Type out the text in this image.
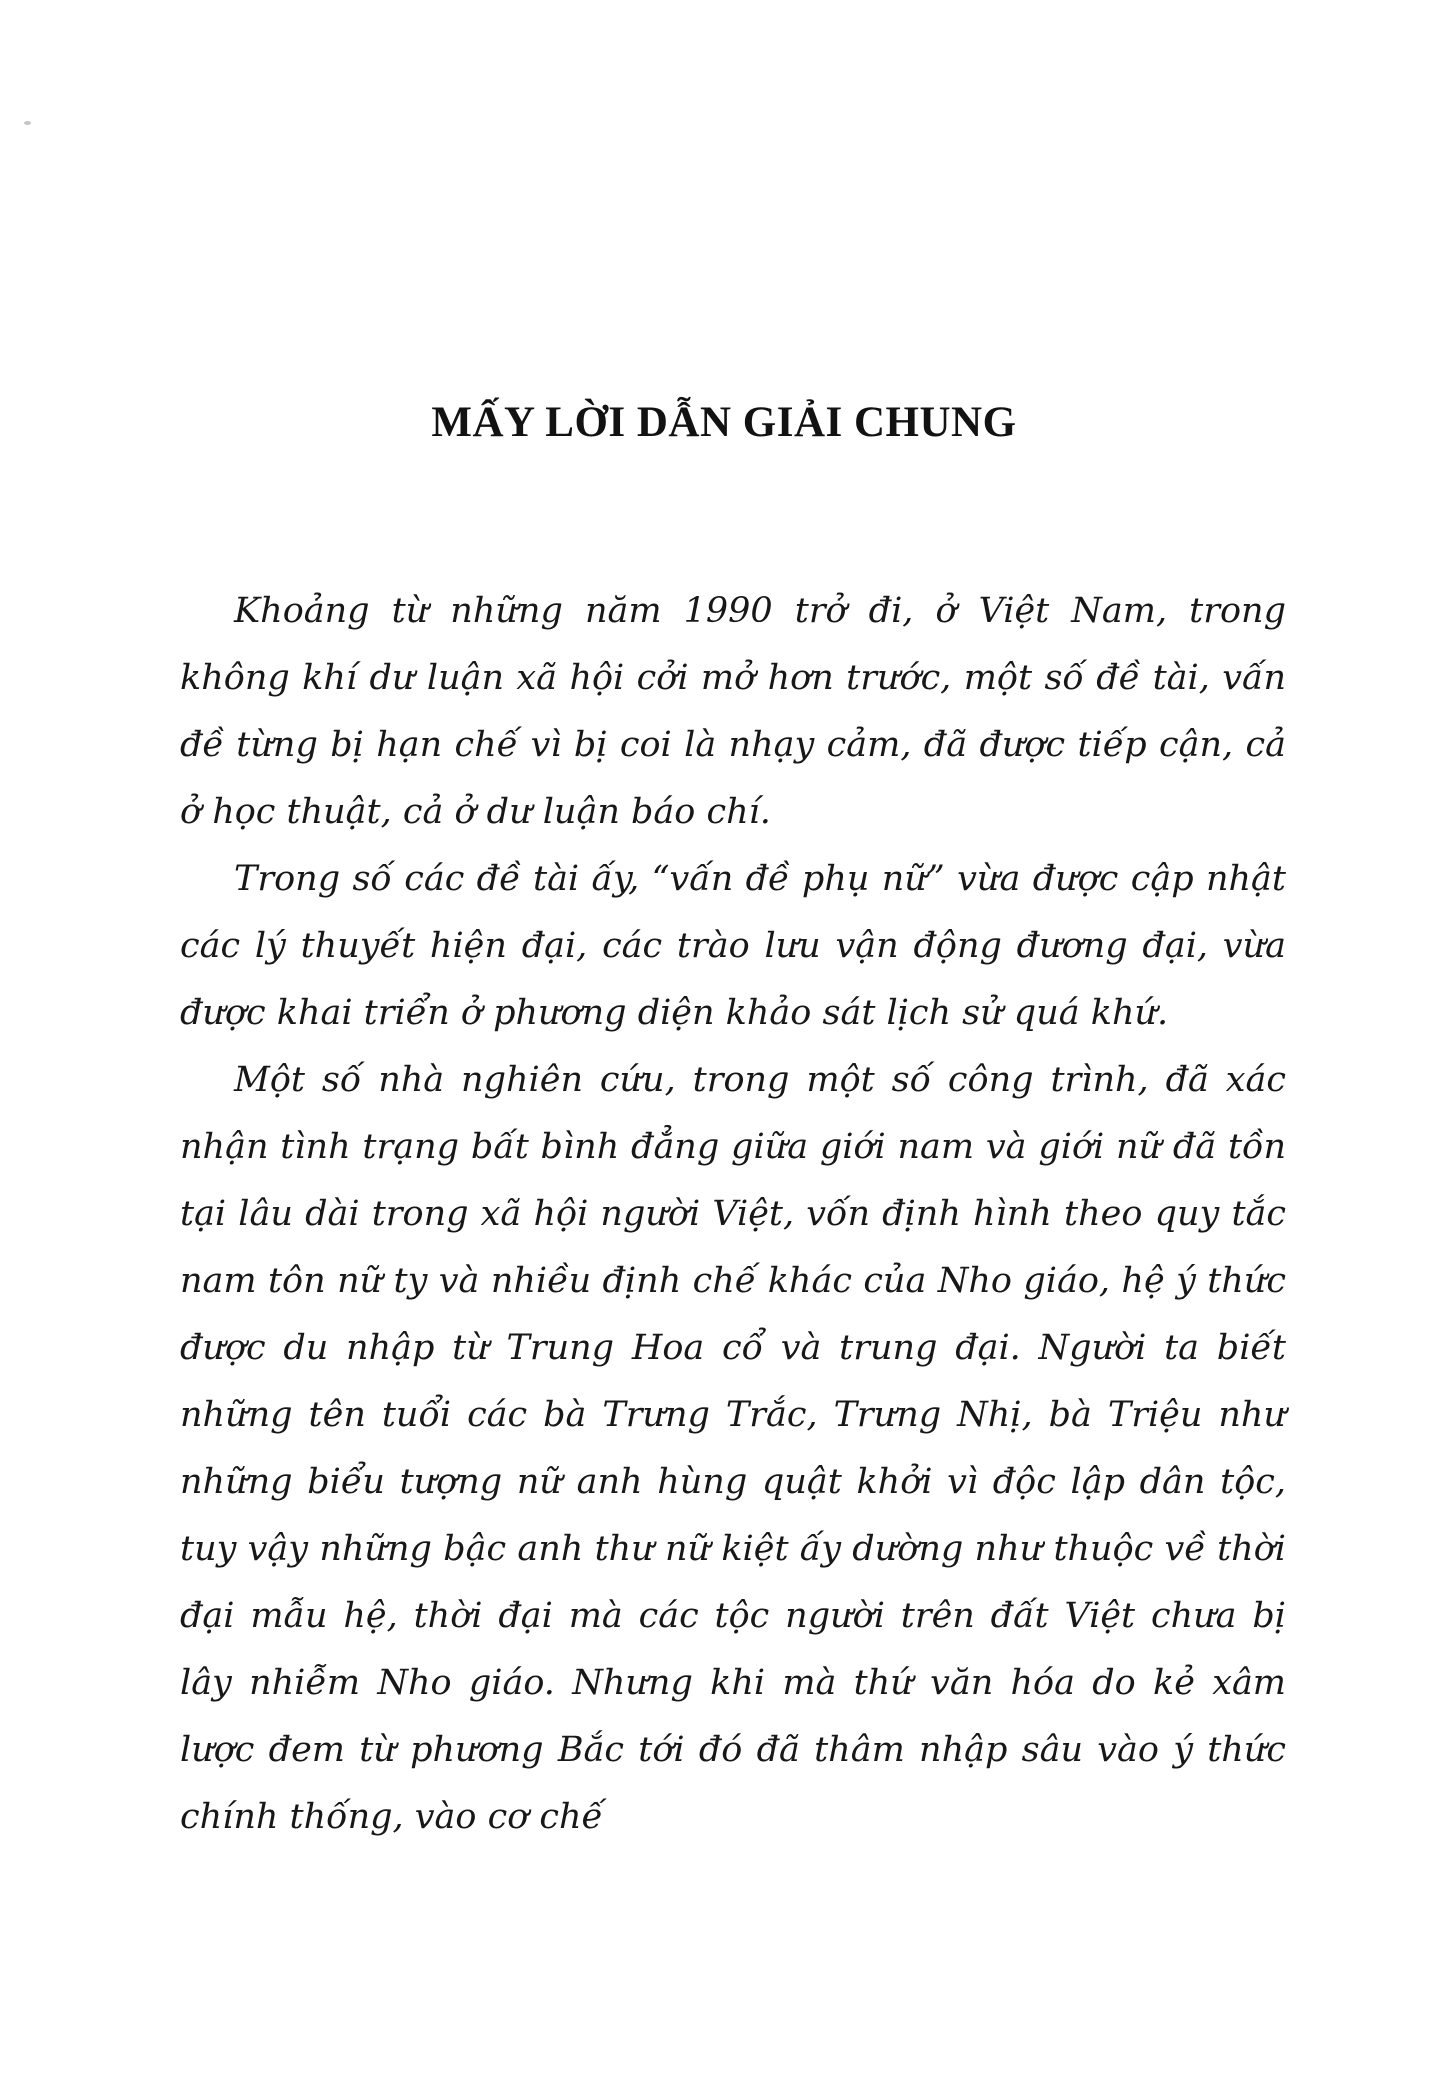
MẤY LỜI DẪN GIẢI CHUNG

Khoảng từ những năm 1990 trở đi, ở Việt Nam, trong không khí dư luận xã hội cởi mở hơn trước, một số đề tài, vấn đề từng bị hạn chế vì bị coi là nhạy cảm, đã được tiếp cận, cả ở học thuật, cả ở dư luận báo chí.

Trong số các đề tài ấy, “vấn đề phụ nữ” vừa được cập nhật các lý thuyết hiện đại, các trào lưu vận động đương đại, vừa được khai triển ở phương diện khảo sát lịch sử quá khứ.

Một số nhà nghiên cứu, trong một số công trình, đã xác nhận tình trạng bất bình đẳng giữa giới nam và giới nữ đã tồn tại lâu dài trong xã hội người Việt, vốn định hình theo quy tắc nam tôn nữ ty và nhiều định chế khác của Nho giáo, hệ ý thức được du nhập từ Trung Hoa cổ và trung đại. Người ta biết những tên tuổi các bà Trưng Trắc, Trưng Nhị, bà Triệu như những biểu tượng nữ anh hùng quật khởi vì độc lập dân tộc, tuy vậy những bậc anh thư nữ kiệt ấy dường như thuộc về thời đại mẫu hệ, thời đại mà các tộc người trên đất Việt chưa bị lây nhiễm Nho giáo. Nhưng khi mà thứ văn hóa do kẻ xâm lược đem từ phương Bắc tới đó đã thâm nhập sâu vào ý thức chính thống, vào cơ chế
